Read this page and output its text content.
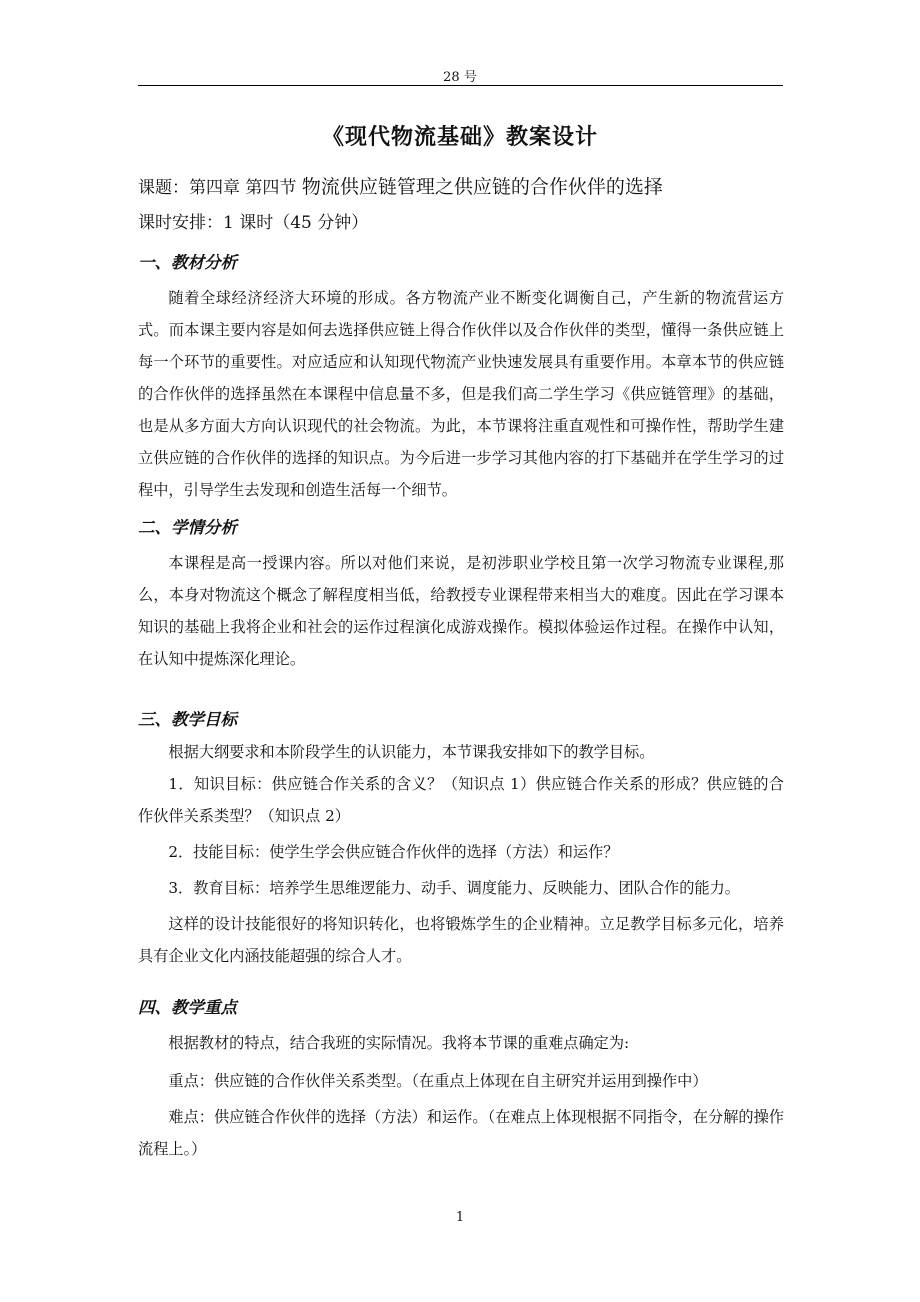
28 号
《现代物流基础》教案设计
课题：第四章 第四节 物流供应链管理之供应链的合作伙伴的选择
课时安排：1 课时（45 分钟）
一、教材分析

随着全球经济经济大环境的形成。各方物流产业不断变化调衡自己，产生新的物流营运方式。而本课主要内容是如何去选择供应链上得合作伙伴以及合作伙伴的类型，懂得一条供应链上每一个环节的重要性。对应适应和认知现代物流产业快速发展具有重要作用。本章本节的供应链的合作伙伴的选择虽然在本课程中信息量不多，但是我们高二学生学习《供应链管理》的基础，也是从多方面大方向认识现代的社会物流。为此，本节课将注重直观性和可操作性，帮助学生建立供应链的合作伙伴的选择的知识点。为今后进一步学习其他内容的打下基础并在学生学习的过程中，引导学生去发现和创造生活每一个细节。

二、学情分析

本课程是高一授课内容。所以对他们来说，是初涉职业学校且第一次学习物流专业课程,那么，本身对物流这个概念了解程度相当低，给教授专业课程带来相当大的难度。因此在学习课本知识的基础上我将企业和社会的运作过程演化成游戏操作。模拟体验运作过程。在操作中认知，在认知中提炼深化理论。

三、教学目标

根据大纲要求和本阶段学生的认识能力，本节课我安排如下的教学目标。

1．知识目标：供应链合作关系的含义？（知识点 1）供应链合作关系的形成？供应链的合作伙伴关系类型？（知识点 2）

2．技能目标：使学生学会供应链合作伙伴的选择（方法）和运作？

3．教育目标：培养学生思维逻能力、动手、调度能力、反映能力、团队合作的能力。

这样的设计技能很好的将知识转化，也将锻炼学生的企业精神。立足教学目标多元化，培养具有企业文化内涵技能超强的综合人才。

四、教学重点

根据教材的特点，结合我班的实际情况。我将本节课的重难点确定为:

重点：供应链的合作伙伴关系类型。（在重点上体现在自主研究并运用到操作中）

难点：供应链合作伙伴的选择（方法）和运作。（在难点上体现根据不同指令，在分解的操作流程上。）

1
